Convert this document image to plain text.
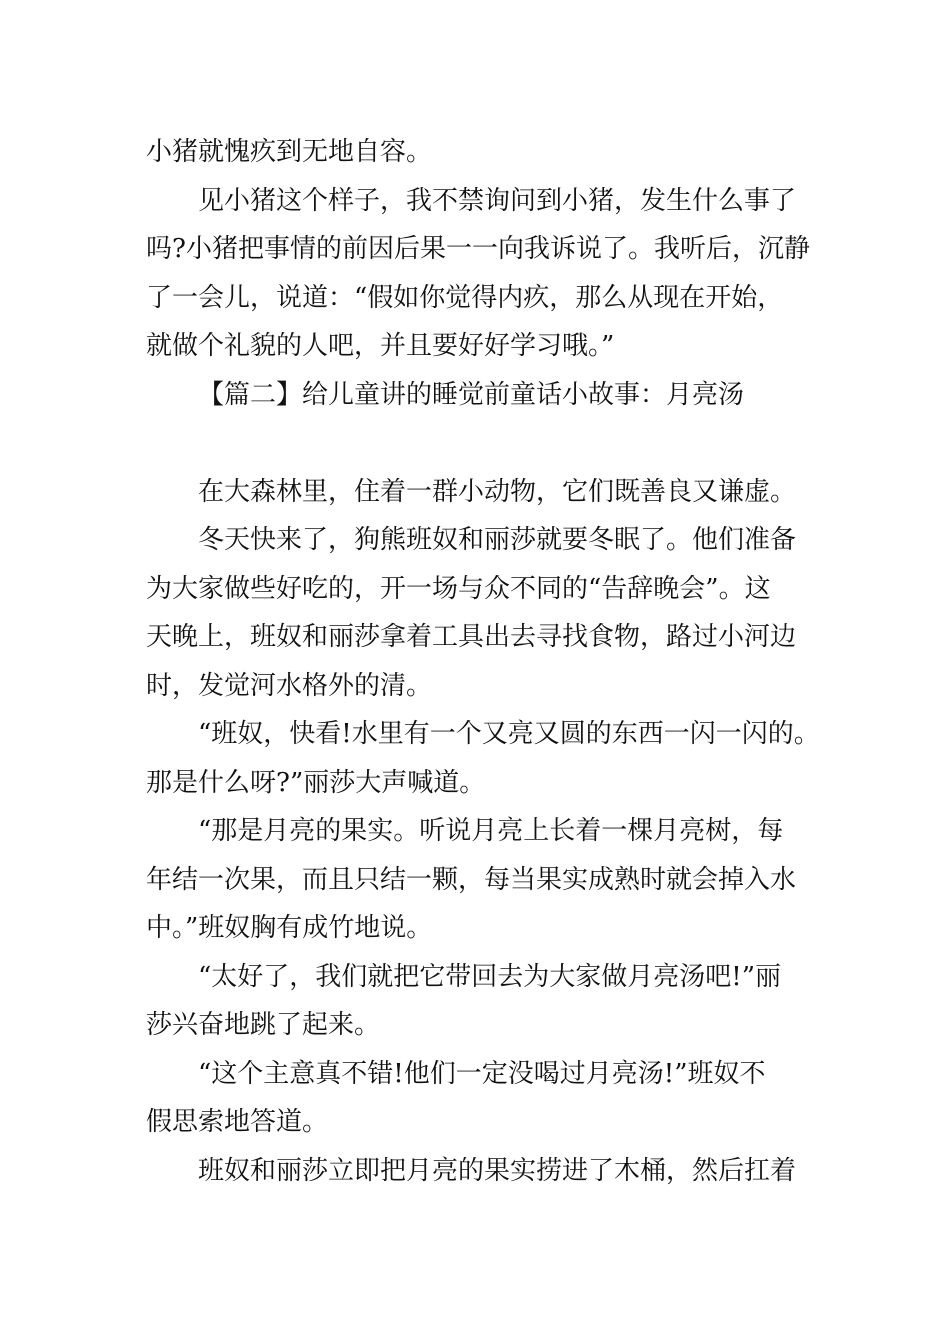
小猪就愧疚到无地自容。

见小猪这个样子，我不禁询问到小猪，发生什么事了

吗?小猪把事情的前因后果一一向我诉说了。我听后，沉静

了一会儿，说道：“假如你觉得内疚，那么从现在开始，

就做个礼貌的人吧，并且要好好学习哦。”

【篇二】给儿童讲的睡觉前童话小故事：月亮汤

在大森林里，住着一群小动物，它们既善良又谦虚。

冬天快来了，狗熊班奴和丽莎就要冬眠了。他们准备

为大家做些好吃的，开一场与众不同的“告辞晚会”。这

天晚上，班奴和丽莎拿着工具出去寻找食物，路过小河边

时，发觉河水格外的清。

“班奴，快看!水里有一个又亮又圆的东西一闪一闪的。

那是什么呀?”丽莎大声喊道。

“那是月亮的果实。听说月亮上长着一棵月亮树，每

年结一次果，而且只结一颗，每当果实成熟时就会掉入水

中。”班奴胸有成竹地说。

“太好了，我们就把它带回去为大家做月亮汤吧!”丽

莎兴奋地跳了起来。

“这个主意真不错!他们一定没喝过月亮汤!”班奴不

假思索地答道。

班奴和丽莎立即把月亮的果实捞进了木桶，然后扛着
